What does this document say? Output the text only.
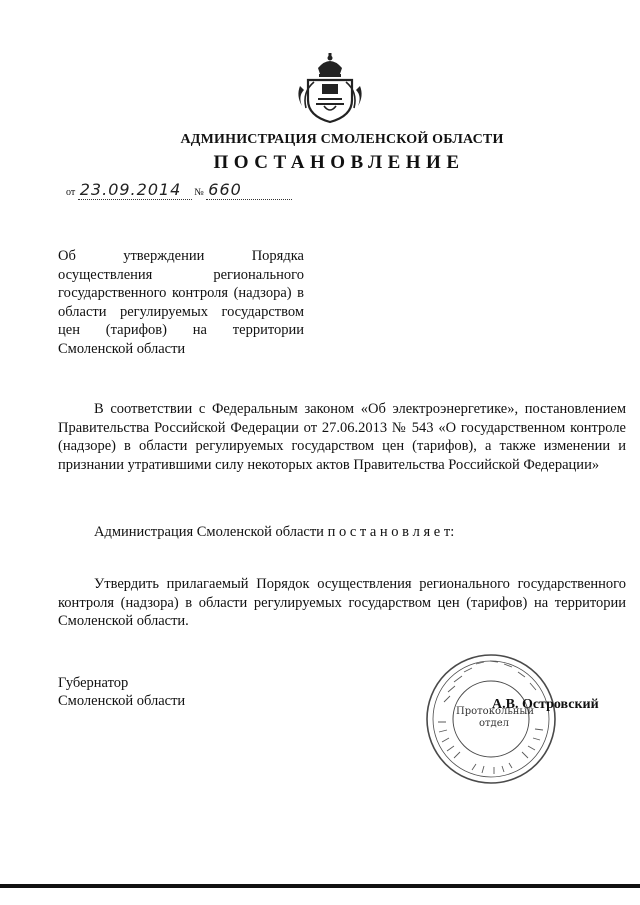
АДМИНИСТРАЦИЯ СМОЛЕНСКОЙ ОБЛАСТИ
ПОСТАНОВЛЕНИЕ
от 23.09.2014 № 660
Об утверждении Порядка осуществления регионального государственного контроля (надзора) в области регулируемых государством цен (тарифов) на территории Смоленской области
В соответствии с Федеральным законом «Об электроэнергетике», постановлением Правительства Российской Федерации от 27.06.2013 № 543 «О государственном контроле (надзоре) в области регулируемых государством цен (тарифов), а также изменении и признании утратившими силу некоторых актов Правительства Российской Федерации»
Администрация Смоленской области п о с т а н о в л я е т:
Утвердить прилагаемый Порядок осуществления регионального государственного контроля (надзора) в области регулируемых государством цен (тарифов) на территории Смоленской области.
Губернатор
Смоленской области
Протокольный
отдел
А.В. Островский
